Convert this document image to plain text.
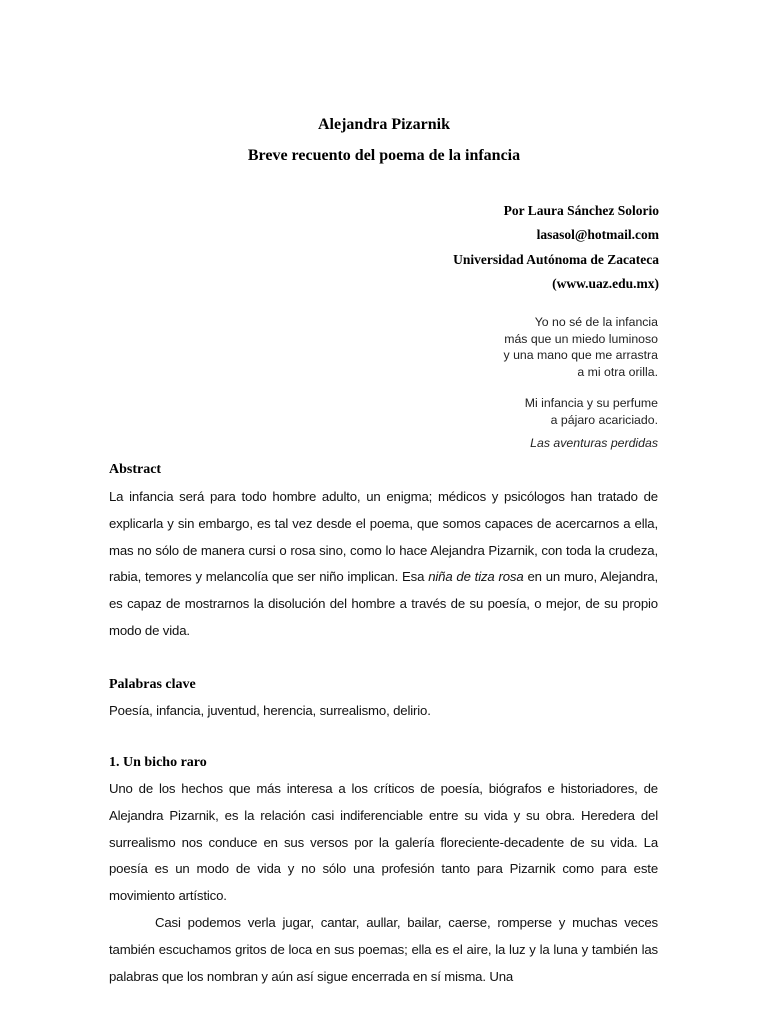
Alejandra Pizarnik
Breve recuento del poema de la infancia
Por Laura Sánchez Solorio
lasasol@hotmail.com
Universidad Autónoma de Zacateca
(www.uaz.edu.mx)
Yo no sé de la infancia
más que un miedo luminoso
y una mano que me arrastra
a mi otra orilla.
Mi infancia y su perfume
a pájaro acariciado.
Las aventuras perdidas
Abstract
La infancia será para todo hombre adulto, un enigma; médicos y psicólogos han tratado de explicarla y sin embargo, es tal vez desde el poema, que somos capaces de acercarnos a ella, mas no sólo de manera cursi o rosa sino, como lo hace Alejandra Pizarnik, con toda la crudeza, rabia, temores y melancolía que ser niño implican. Esa niña de tiza rosa en un muro, Alejandra, es capaz de mostrarnos la disolución del hombre a través de su poesía, o mejor, de su propio modo de vida.
Palabras clave
Poesía, infancia, juventud, herencia, surrealismo, delirio.
1. Un bicho raro
Uno de los hechos que más interesa a los críticos de poesía, biógrafos e historiadores, de Alejandra Pizarnik, es la relación casi indiferenciable entre su vida y su obra. Heredera del surrealismo nos conduce en sus versos por la galería floreciente-decadente de su vida. La poesía es un modo de vida y no sólo una profesión tanto para Pizarnik como para este movimiento artístico.
Casi podemos verla jugar, cantar, aullar, bailar, caerse, romperse y muchas veces también escuchamos gritos de loca en sus poemas; ella es el aire, la luz y la luna y también las palabras que los nombran y aún así sigue encerrada en sí misma. Una
